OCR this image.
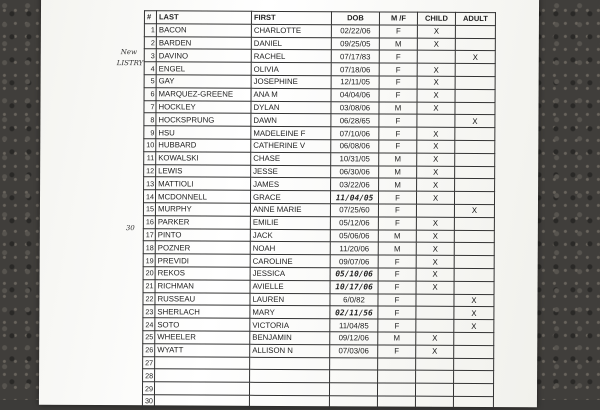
New
LISTRY
30
#	LAST	FIRST	DOB	M /F	CHILD	ADULT
1	BACON	CHARLOTTE	02/22/06	F	X	
2	BARDEN	DANIEL	09/25/05	M	X	
3	DAVINO	RACHEL	07/17/83	F		X
4	ENGEL	OLIVIA	07/18/06	F	X	
5	GAY	JOSEPHINE	12/11/05	F	X	
6	MARQUEZ-GREENE	ANA M	04/04/06	F	X	
7	HOCKLEY	DYLAN	03/08/06	M	X	
8	HOCKSPRUNG	DAWN	06/28/65	F		X
9	HSU	MADELEINE F	07/10/06	F	X	
10	HUBBARD	CATHERINE V	06/08/06	F	X	
11	KOWALSKI	CHASE	10/31/05	M	X	
12	LEWIS	JESSE	06/30/06	M	X	
13	MATTIOLI	JAMES	03/22/06	M	X	
14	MCDONNELL	GRACE	11/04/05	F	X	
15	MURPHY	ANNE MARIE	07/25/60	F		X
16	PARKER	EMILIE	05/12/06	F	X	
17	PINTO	JACK	05/06/06	M	X	
18	POZNER	NOAH	11/20/06	M	X	
19	PREVIDI	CAROLINE	09/07/06	F	X	
20	REKOS	JESSICA	05/10/06	F	X	
21	RICHMAN	AVIELLE	10/17/06	F	X	
22	RUSSEAU	LAUREN	6/0/82	F		X
23	SHERLACH	MARY	02/11/56	F		X
24	SOTO	VICTORIA	11/04/85	F		X
25	WHEELER	BENJAMIN	09/12/06	M	X	
26	WYATT	ALLISON N	07/03/06	F	X	
27						
28						
29						
30						
